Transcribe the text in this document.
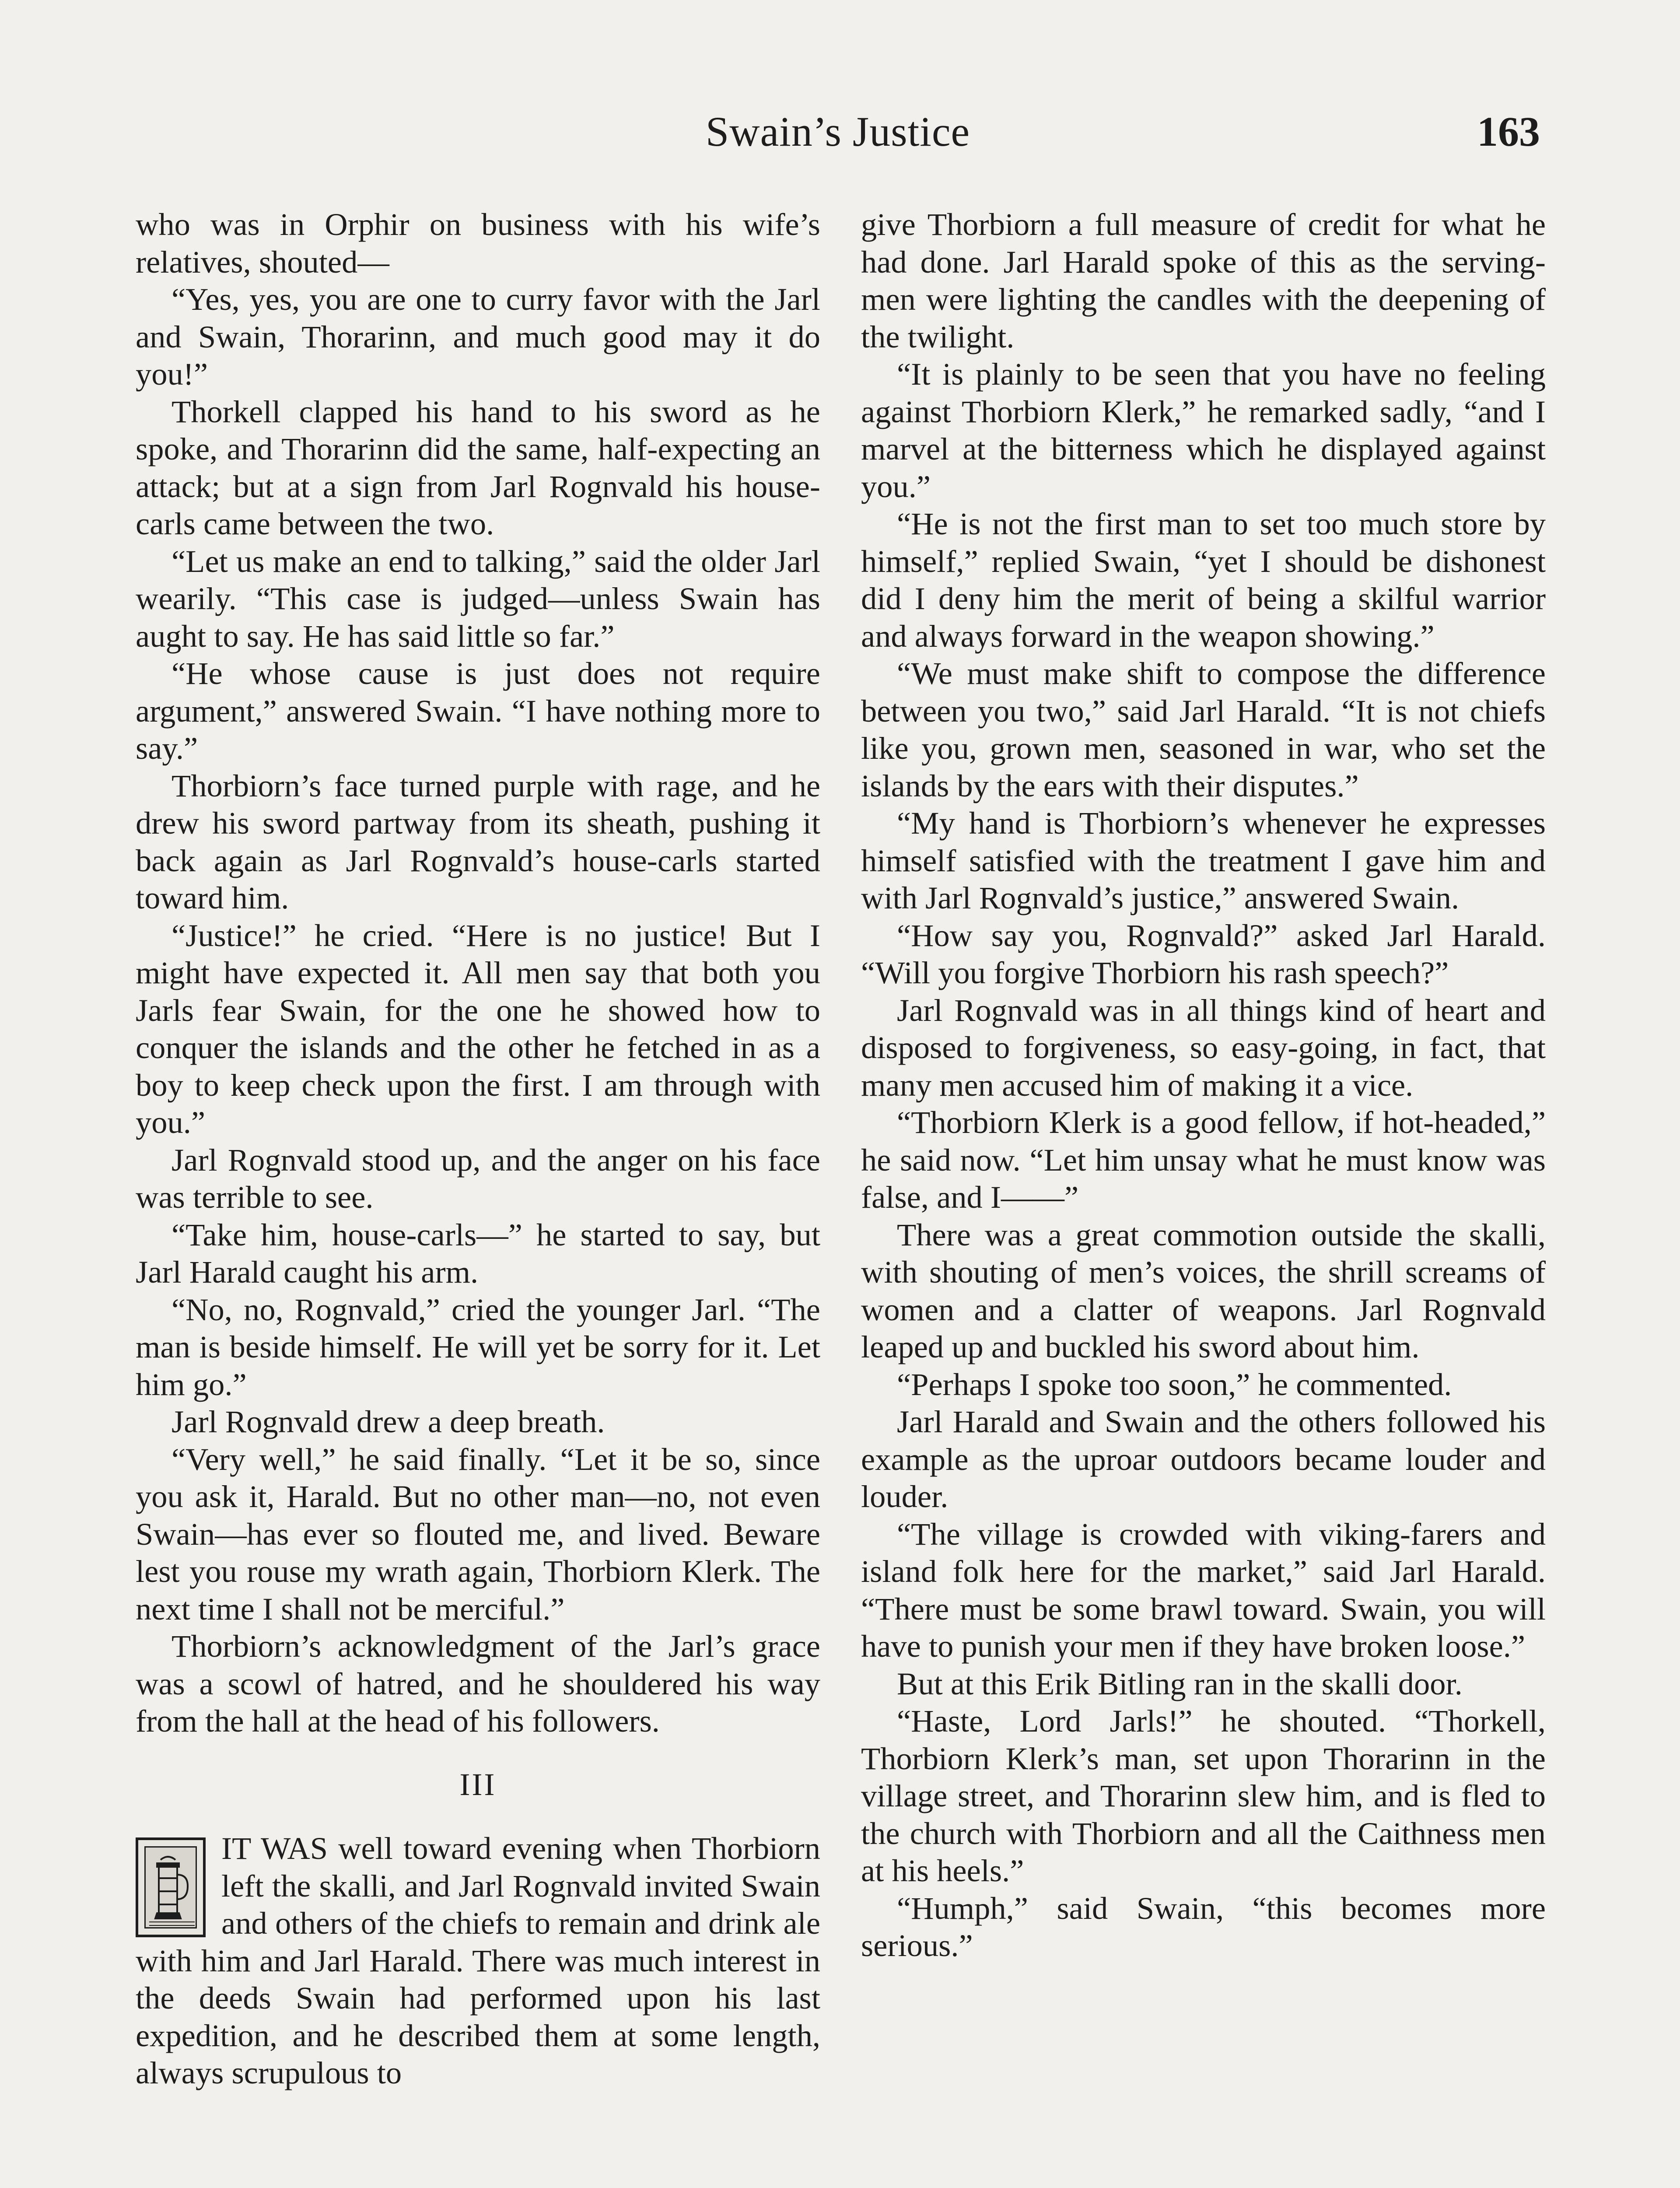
Swain’s Justice	163

who was in Orphir on business with his wife’s relatives, shouted—

“Yes, yes, you are one to curry favor with the Jarl and Swain, Thorarinn, and much good may it do you!”

Thorkell clapped his hand to his sword as he spoke, and Thorarinn did the same, half-expecting an attack; but at a sign from Jarl Rognvald his house-carls came between the two.

“Let us make an end to talking,” said the older Jarl wearily. “This case is judged—unless Swain has aught to say. He has said little so far.”

“He whose cause is just does not require argument,” answered Swain. “I have nothing more to say.”

Thorbiorn’s face turned purple with rage, and he drew his sword partway from its sheath, pushing it back again as Jarl Rognvald’s house-carls started toward him.

“Justice!” he cried. “Here is no justice! But I might have expected it. All men say that both you Jarls fear Swain, for the one he showed how to conquer the islands and the other he fetched in as a boy to keep check upon the first. I am through with you.”

Jarl Rognvald stood up, and the anger on his face was terrible to see.

“Take him, house-carls—” he started to say, but Jarl Harald caught his arm.

“No, no, Rognvald,” cried the younger Jarl. “The man is beside himself. He will yet be sorry for it. Let him go.”

Jarl Rognvald drew a deep breath.

“Very well,” he said finally. “Let it be so, since you ask it, Harald. But no other man—no, not even Swain—has ever so flouted me, and lived. Beware lest you rouse my wrath again, Thorbiorn Klerk. The next time I shall not be merciful.”

Thorbiorn’s acknowledgment of the Jarl’s grace was a scowl of hatred, and he shouldered his way from the hall at the head of his followers.

III

IT WAS well toward evening when Thorbiorn left the skalli, and Jarl Rognvald invited Swain and others of the chiefs to remain and drink ale with him and Jarl Harald. There was much interest in the deeds Swain had performed upon his last expedition, and he described them at some length, always scrupulous to

give Thorbiorn a full measure of credit for what he had done. Jarl Harald spoke of this as the serving-men were lighting the candles with the deepening of the twilight.

“It is plainly to be seen that you have no feeling against Thorbiorn Klerk,” he remarked sadly, “and I marvel at the bitterness which he displayed against you.”

“He is not the first man to set too much store by himself,” replied Swain, “yet I should be dishonest did I deny him the merit of being a skilful warrior and always forward in the weapon showing.”

“We must make shift to compose the difference between you two,” said Jarl Harald. “It is not chiefs like you, grown men, seasoned in war, who set the islands by the ears with their disputes.”

“My hand is Thorbiorn’s whenever he expresses himself satisfied with the treatment I gave him and with Jarl Rognvald’s justice,” answered Swain.

“How say you, Rognvald?” asked Jarl Harald. “Will you forgive Thorbiorn his rash speech?”

Jarl Rognvald was in all things kind of heart and disposed to forgiveness, so easy-going, in fact, that many men accused him of making it a vice.

“Thorbiorn Klerk is a good fellow, if hot-headed,” he said now. “Let him unsay what he must know was false, and I——”

There was a great commotion outside the skalli, with shouting of men’s voices, the shrill screams of women and a clatter of weapons. Jarl Rognvald leaped up and buckled his sword about him.

“Perhaps I spoke too soon,” he commented.

Jarl Harald and Swain and the others followed his example as the uproar outdoors became louder and louder.

“The village is crowded with viking-farers and island folk here for the market,” said Jarl Harald. “There must be some brawl toward. Swain, you will have to punish your men if they have broken loose.”

But at this Erik Bitling ran in the skalli door.

“Haste, Lord Jarls!” he shouted. “Thorkell, Thorbiorn Klerk’s man, set upon Thorarinn in the village street, and Thorarinn slew him, and is fled to the church with Thorbiorn and all the Caithness men at his heels.”

“Humph,” said Swain, “this becomes more serious.”
